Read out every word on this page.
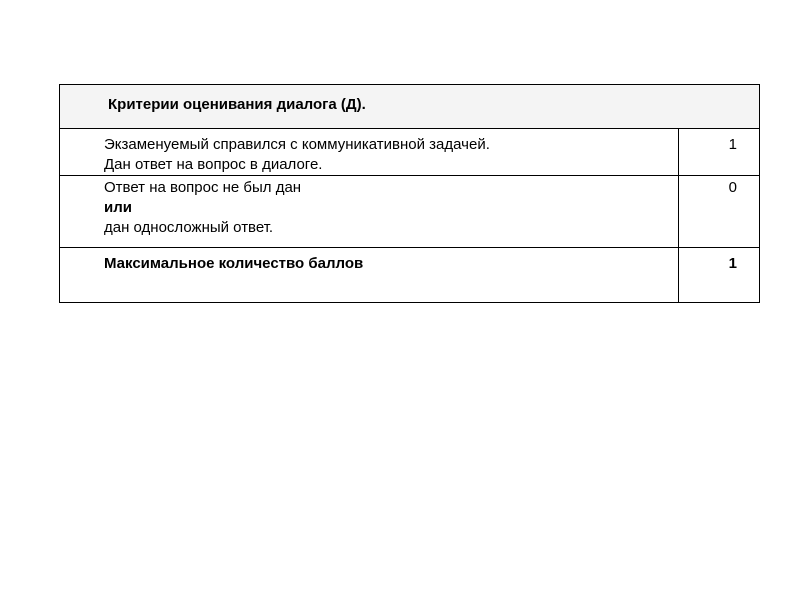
Критерии оценивания диалога (Д).	

Экзаменуемый справился с коммуникативной задачей.
Дан ответ на вопрос в диалоге.	1

Ответ на вопрос не был дан
или
дан односложный ответ.	0
Максимальное количество баллов	1
